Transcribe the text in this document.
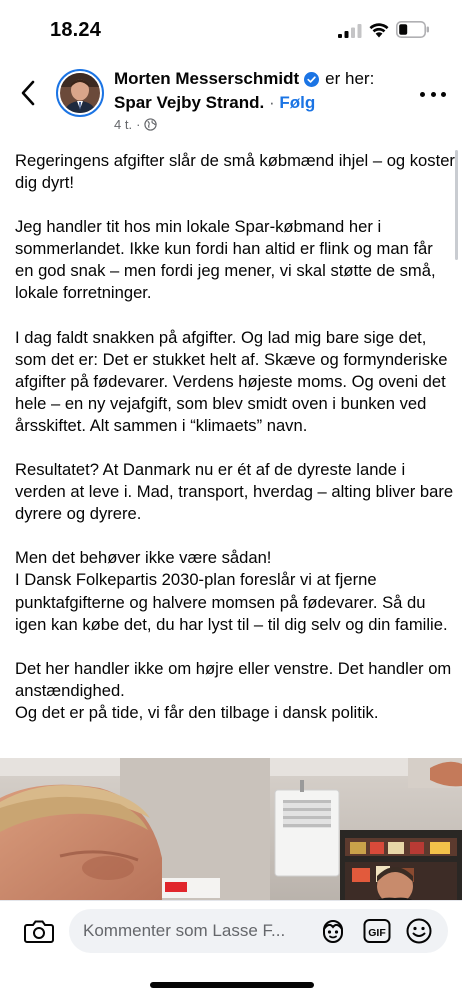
18.24
Morten Messerschmidt er her:
Spar Vejby Strand. · Følg
4 t. ·

Regeringens afgifter slår de små købmænd ihjel – og koster dig dyrt!

Jeg handler tit hos min lokale Spar-købmand her i sommerlandet. Ikke kun fordi han altid er flink og man får en god snak – men fordi jeg mener, vi skal støtte de små, lokale forretninger.

I dag faldt snakken på afgifter. Og lad mig bare sige det, som det er: Det er stukket helt af. Skæve og formynderiske afgifter på fødevarer. Verdens højeste moms. Og oveni det hele – en ny vejafgift, som blev smidt oven i bunken ved årsskiftet. Alt sammen i “klimaets” navn.

Resultatet? At Danmark nu er ét af de dyreste lande i verden at leve i. Mad, transport, hverdag – alting bliver bare dyrere og dyrere.

Men det behøver ikke være sådan!

I Dansk Folkepartis 2030-plan foreslår vi at fjerne punktafgifterne og halvere momsen på fødevarer. Så du igen kan købe det, du har lyst til – til dig selv og din familie.

Det her handler ikke om højre eller venstre. Det handler om anstændighed.

Og det er på tide, vi får den tilbage i dansk politik.

Kommenter som Lasse F...	GIF
